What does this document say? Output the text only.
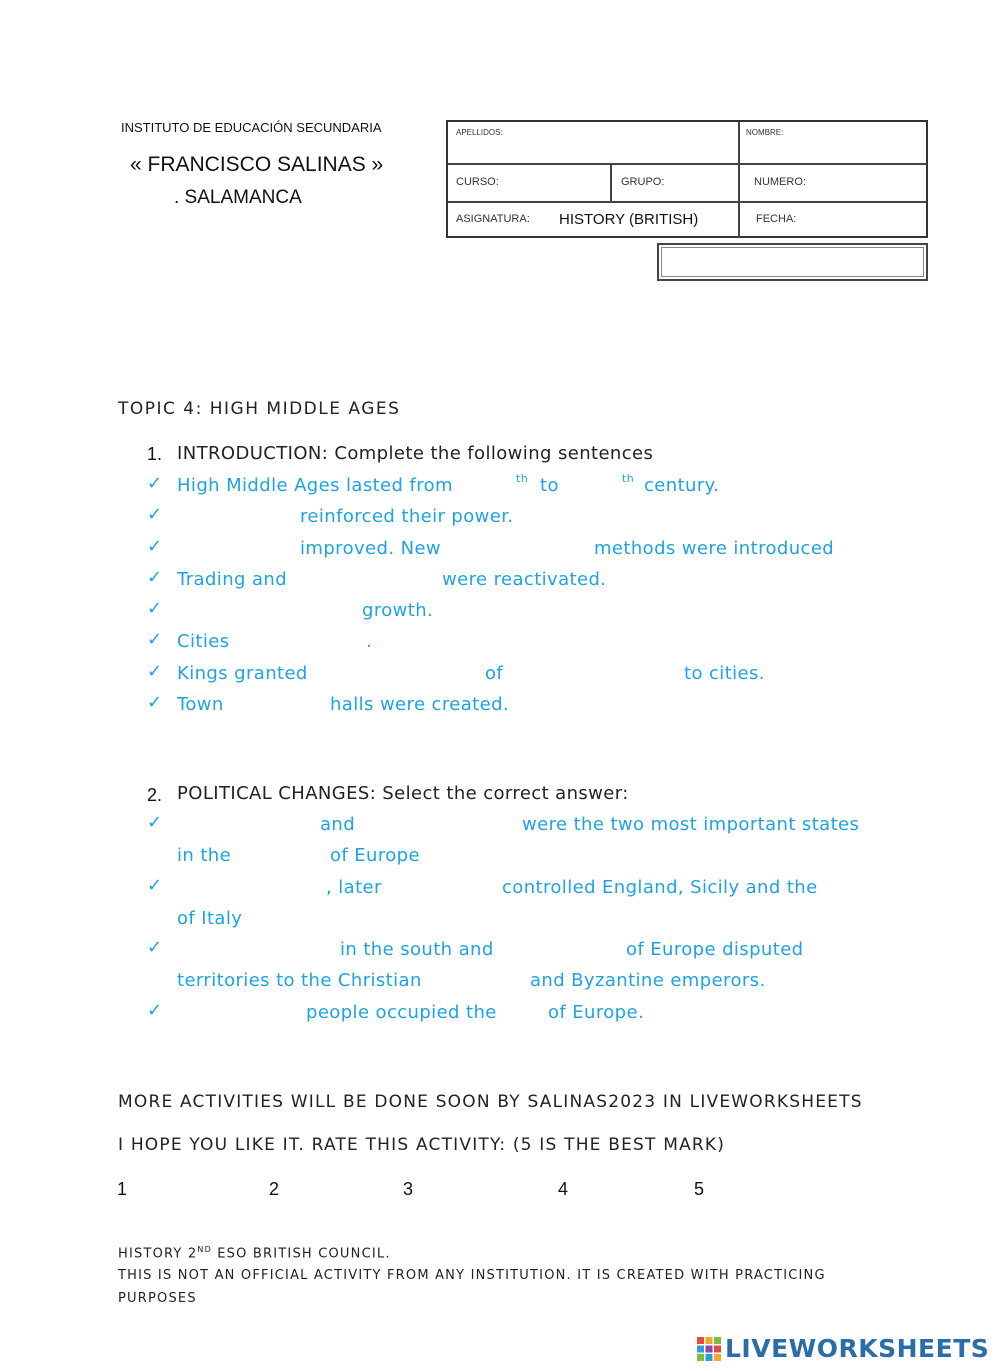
INSTITUTO DE EDUCACIÓN SECUNDARIA
« FRANCISCO SALINAS »
. SALAMANCA
APELLIDOS:	NOMBRE:
CURSO:	GRUPO:	NUMERO:
ASIGNATURA: HISTORY (BRITISH)	FECHA:
TOPIC 4: HIGH MIDDLE AGES
1. INTRODUCTION: Complete the following sentences
✓ High Middle Ages lasted from	th to	th century.
✓	reinforced their power.
✓	improved. New	methods were introduced
✓ Trading and	were reactivated.
✓	growth.
✓ Cities	.
✓ Kings granted	of	to cities.
✓ Town	halls were created.
2. POLITICAL CHANGES: Select the correct answer:
✓	and	were the two most important states
in the	of Europe
✓	, later	controlled England, Sicily and the
of Italy
✓	in the south and	of Europe disputed
territories to the Christian	and Byzantine emperors.
✓	people occupied the	of Europe.
MORE ACTIVITIES WILL BE DONE SOON BY SALINAS2023 IN LIVEWORKSHEETS
I HOPE YOU LIKE IT. RATE THIS ACTIVITY: (5 IS THE BEST MARK)
1	2	3	4	5
HISTORY 2ND ESO BRITISH COUNCIL.
THIS IS NOT AN OFFICIAL ACTIVITY FROM ANY INSTITUTION. IT IS CREATED WITH PRACTICING
PURPOSES
LIVEWORKSHEETS
